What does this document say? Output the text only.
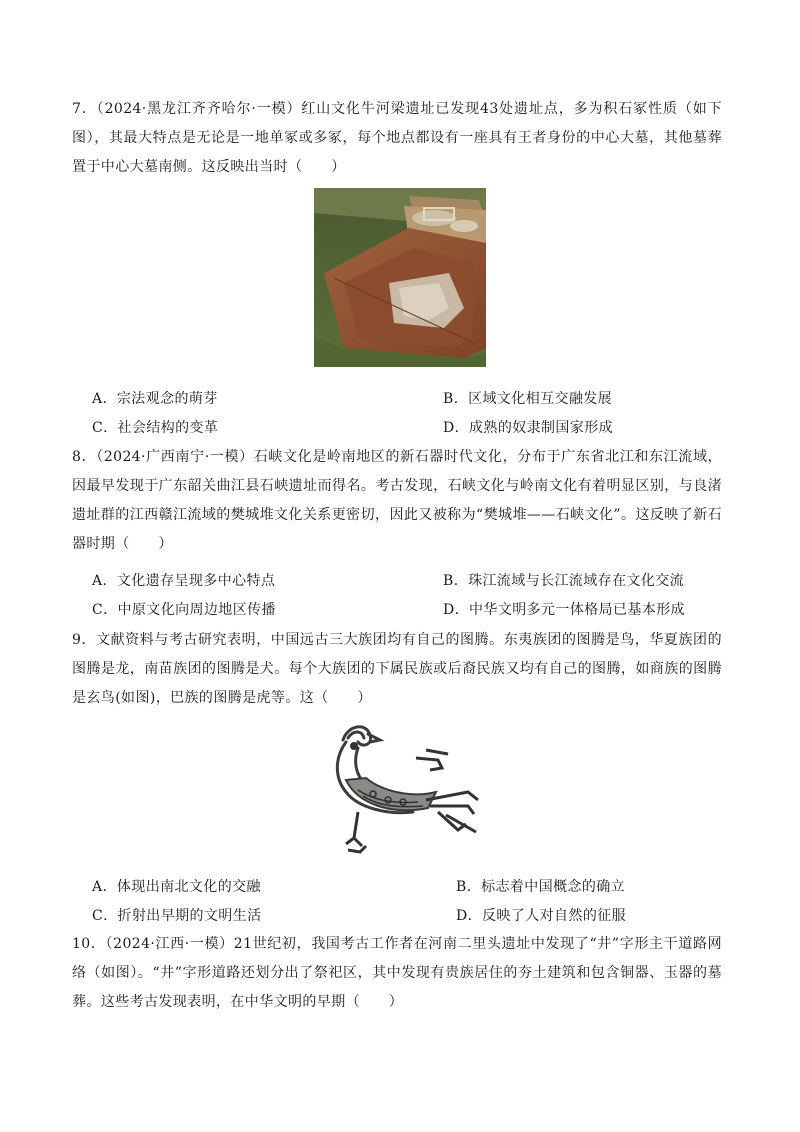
7．（2024·黑龙江齐齐哈尔·一模）红山文化牛河梁遗址已发现43处遗址点，多为积石冢性质（如下图），其最大特点是无论是一地单冢或多冢，每个地点都设有一座具有王者身份的中心大墓，其他墓葬置于中心大墓南侧。这反映出当时（　　）

A．宗法观念的萌芽	B．区域文化相互交融发展
C．社会结构的变革	D．成熟的奴隶制国家形成

8．（2024·广西南宁·一模）石峡文化是岭南地区的新石器时代文化，分布于广东省北江和东江流域，因最早发现于广东韶关曲江县石峡遗址而得名。考古发现，石峡文化与岭南文化有着明显区别，与良渚遗址群的江西赣江流域的樊城堆文化关系更密切，因此又被称为“樊城堆——石峡文化”。这反映了新石器时期（　　）

A．文化遗存呈现多中心特点	B．珠江流域与长江流域存在文化交流
C．中原文化向周边地区传播	D．中华文明多元一体格局已基本形成

9．文献资料与考古研究表明，中国远古三大族团均有自己的图腾。东夷族团的图腾是鸟，华夏族团的图腾是龙，南苗族团的图腾是犬。每个大族团的下属民族或后裔民族又均有自己的图腾，如商族的图腾是玄鸟(如图)，巴族的图腾是虎等。这（　　）

A．体现出南北文化的交融	B．标志着中国概念的确立
C．折射出早期的文明生活	D．反映了人对自然的征服

10．（2024·江西·一模）21世纪初，我国考古工作者在河南二里头遗址中发现了“井”字形主干道路网络（如图）。“井”字形道路还划分出了祭祀区，其中发现有贵族居住的夯土建筑和包含铜器、玉器的墓葬。这些考古发现表明，在中华文明的早期（　　）
